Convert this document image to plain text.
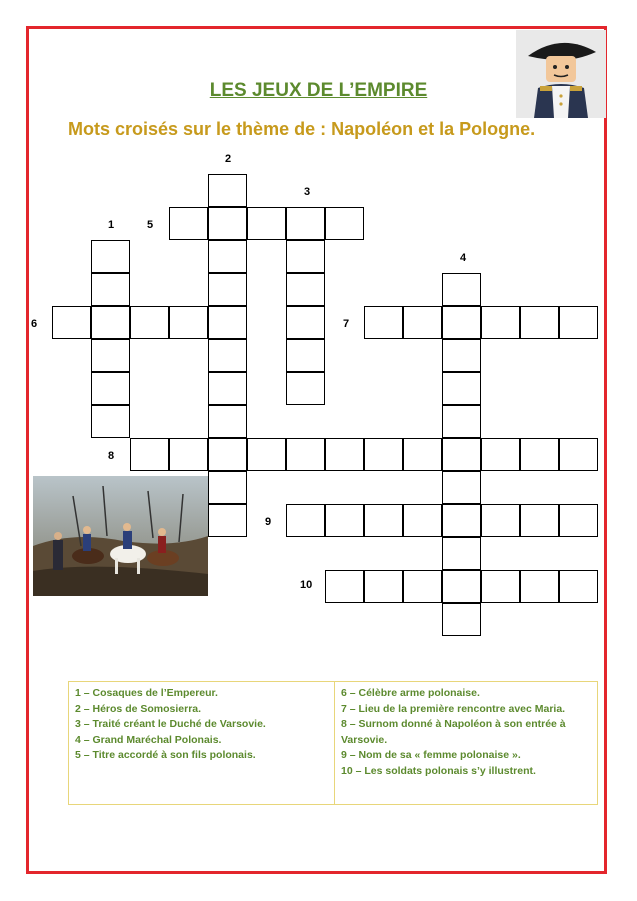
LES JEUX DE L’EMPIRE
Mots croisés sur le thème de : Napoléon et la Pologne.
2
3
1	5
4
6	7
8
9
10
1 – Cosaques de l’Empereur.
2 – Héros de Somosierra.
3 – Traité créant le Duché de Varsovie.
4 – Grand Maréchal Polonais.
5 – Titre accordé à son fils polonais.
6 – Célèbre arme polonaise.
7 – Lieu de la première rencontre avec Maria.
8 – Surnom donné à Napoléon à son entrée à Varsovie.
9 – Nom de sa « femme polonaise ».
10 – Les soldats polonais s’y illustrent.
